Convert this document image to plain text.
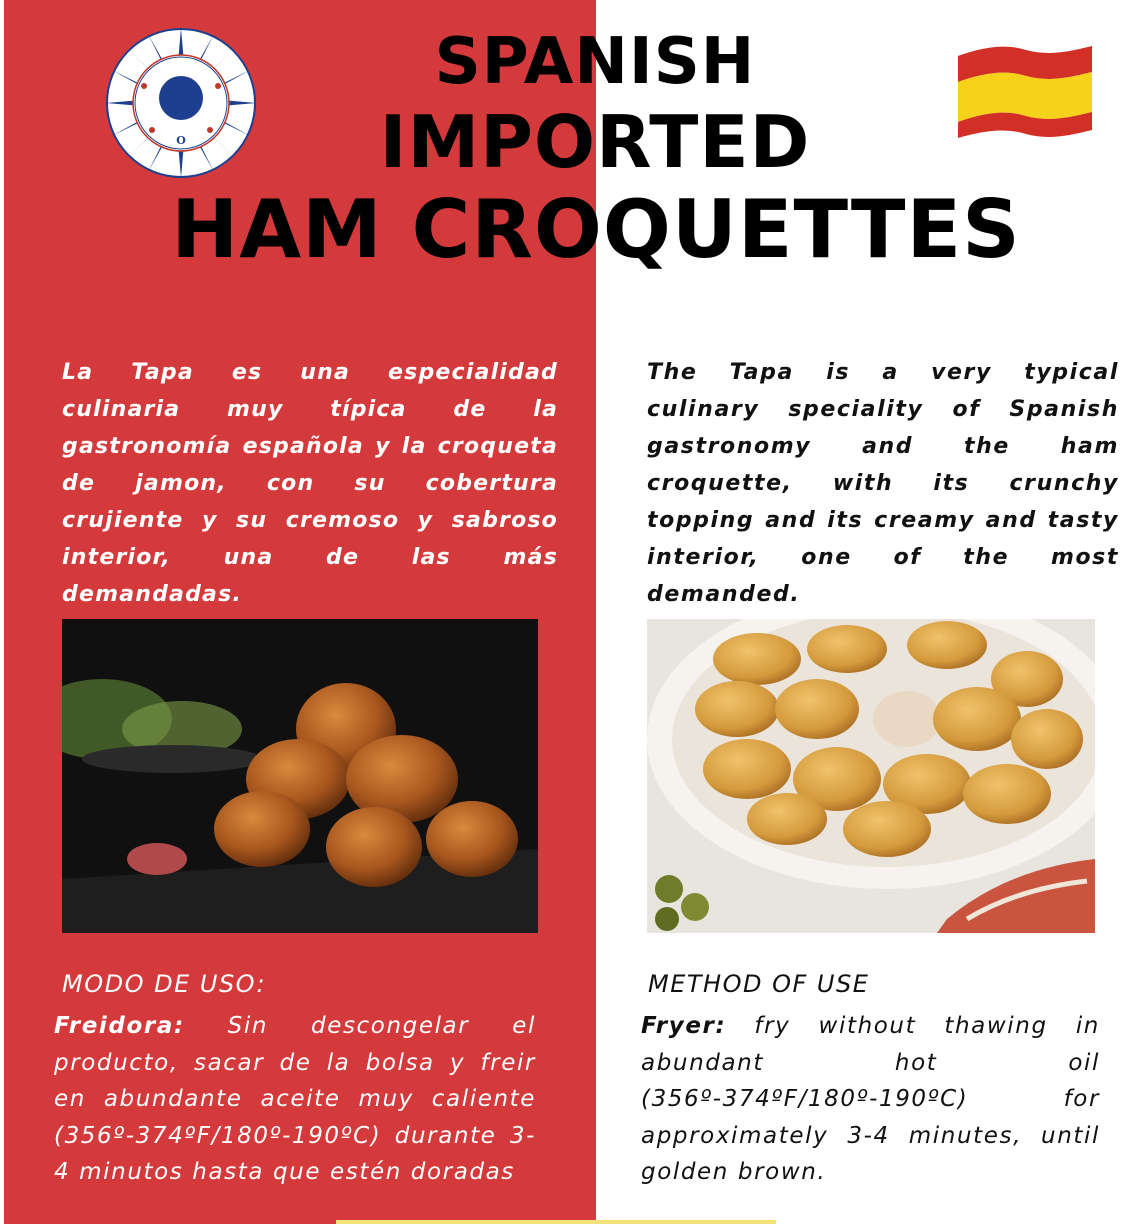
O
SPANISH
IMPORTED
HAM CROQUETTES
La Tapa es una especialidad culinaria muy típica de la gastronomía española y la croqueta de jamon, con su cobertura crujiente y su cremoso y sabroso interior, una de las más demandadas.
The Tapa is a very typical culinary speciality of Spanish gastronomy and the ham croquette, with its crunchy topping and its creamy and tasty interior, one of the most demanded.
MODO DE USO:	METHOD OF USE
Freidora: Sin descongelar el producto, sacar de la bolsa y freir en abundante aceite muy caliente (356º-374ºF/180º-190ºC) durante 3-4 minutos hasta que estén doradas
Fryer: fry without thawing in abundant hot oil (356º-374ºF/180º-190ºC) for approximately 3-4 minutes, until golden brown.
